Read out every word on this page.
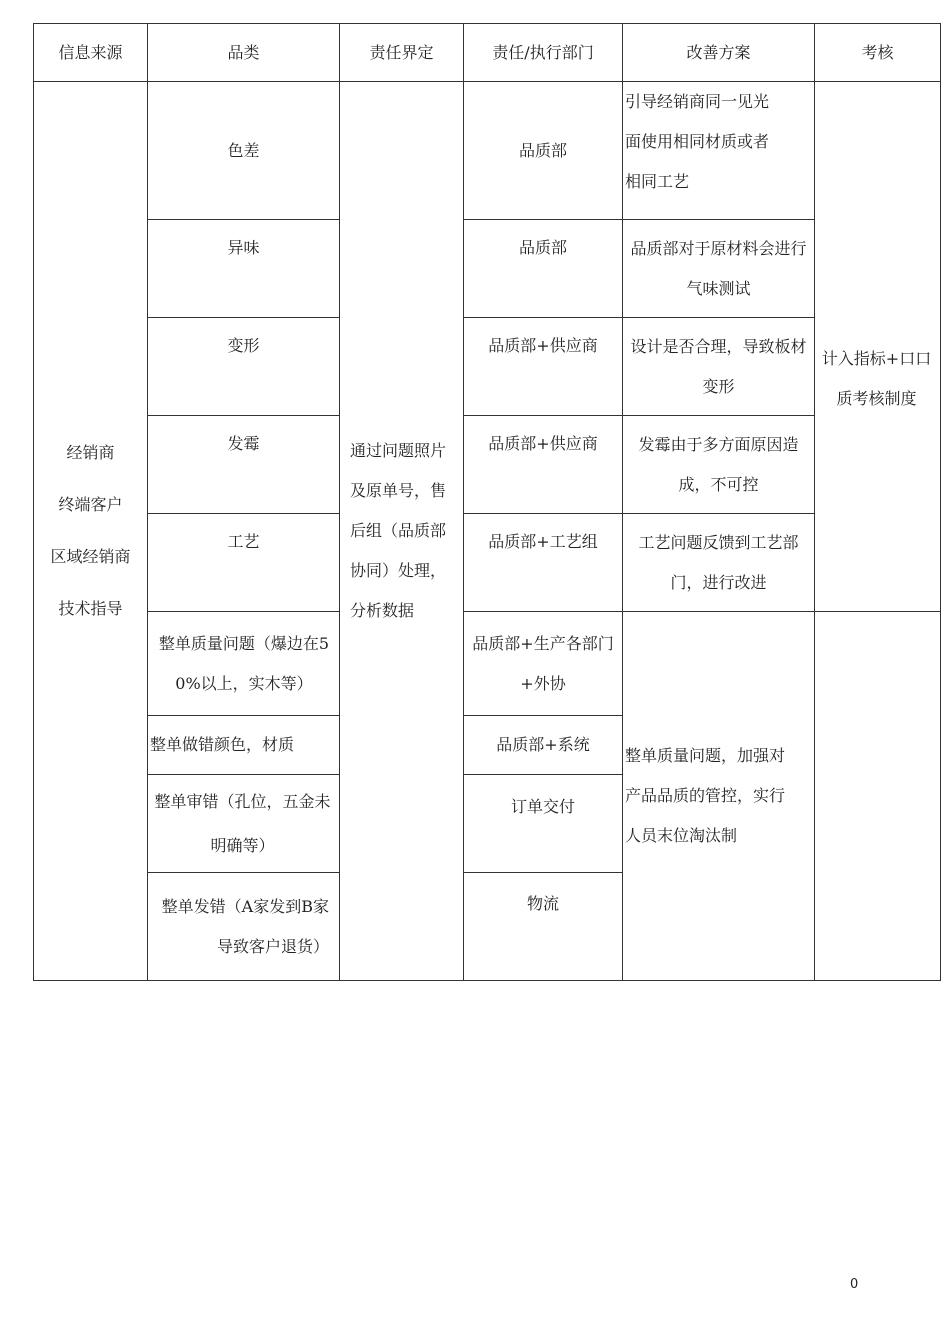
信息来源	品类	责任界定	责任/执行部门	改善方案	考核

经销商
终端客户
区域经销商
技术指导	色差	通过问题照片及原单号，售后组（品质部协同）处理，分析数据	品质部	引导经销商同一见光面使用相同材质或者相同工艺	计入指标+口口质考核制度

	异味		品质部	品质部对于原材料会进行气味测试	

	变形		品质部+供应商	设计是否合理，导致板材变形	

	发霉		品质部+供应商	发霉由于多方面原因造成，不可控	

	工艺		品质部+工艺组	工艺问题反馈到工艺部门，进行改进	

	整单质量问题（爆边在50%以上，实木等）		品质部+生产各部门+外协	整单质量问题，加强对产品品质的管控，实行人员末位淘汰制	

	整单做错颜色，材质		品质部+系统		

	整单审错（孔位，五金未明确等）		订单交付		

	整单发错（A家发到B家导致客户退货）		物流		
0
